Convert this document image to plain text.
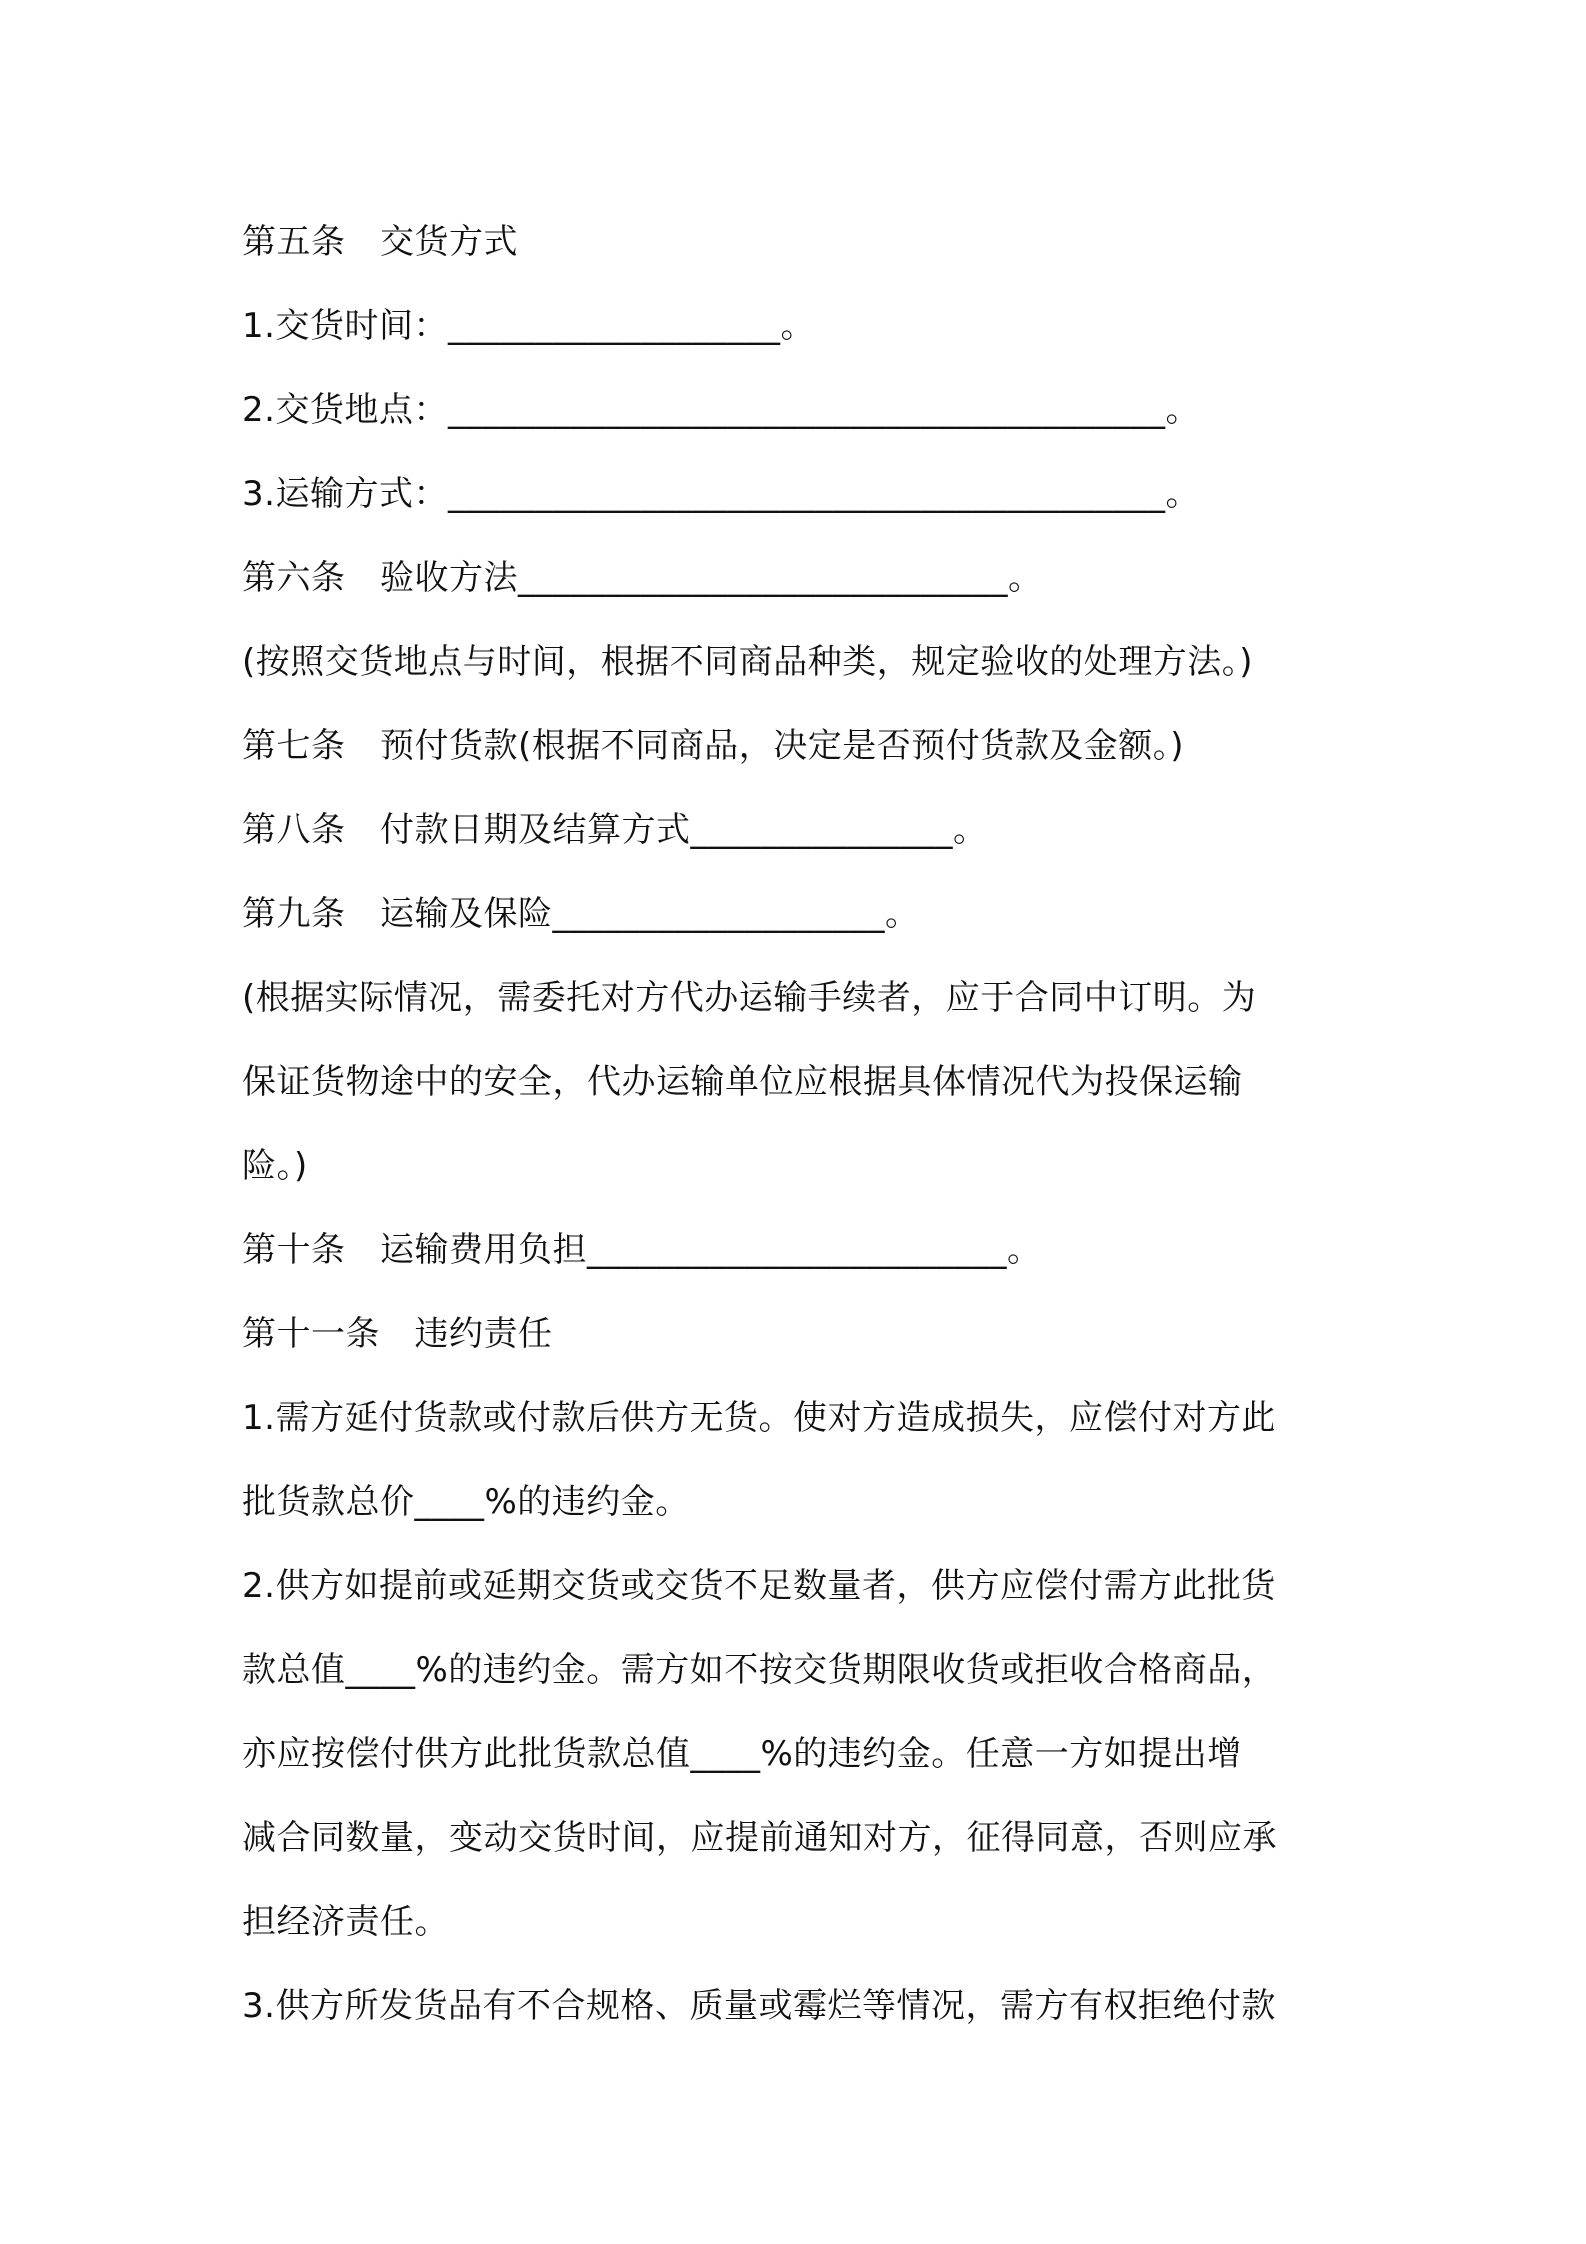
第五条　交货方式
1.交货时间：___________________。
2.交货地点：_________________________________________。
3.运输方式：_________________________________________。
第六条　验收方法____________________________。
(按照交货地点与时间，根据不同商品种类，规定验收的处理方法。)
第七条　预付货款(根据不同商品，决定是否预付货款及金额。)
第八条　付款日期及结算方式_______________。
第九条　运输及保险___________________。
(根据实际情况，需委托对方代办运输手续者，应于合同中订明。为
保证货物途中的安全，代办运输单位应根据具体情况代为投保运输
险。)
第十条　运输费用负担________________________。
第十一条　违约责任
1.需方延付货款或付款后供方无货。使对方造成损失，应偿付对方此
批货款总价____%的违约金。
2.供方如提前或延期交货或交货不足数量者，供方应偿付需方此批货
款总值____%的违约金。需方如不按交货期限收货或拒收合格商品，
亦应按偿付供方此批货款总值____%的违约金。任意一方如提出增
减合同数量，变动交货时间，应提前通知对方，征得同意，否则应承
担经济责任。
3.供方所发货品有不合规格、质量或霉烂等情况，需方有权拒绝付款
